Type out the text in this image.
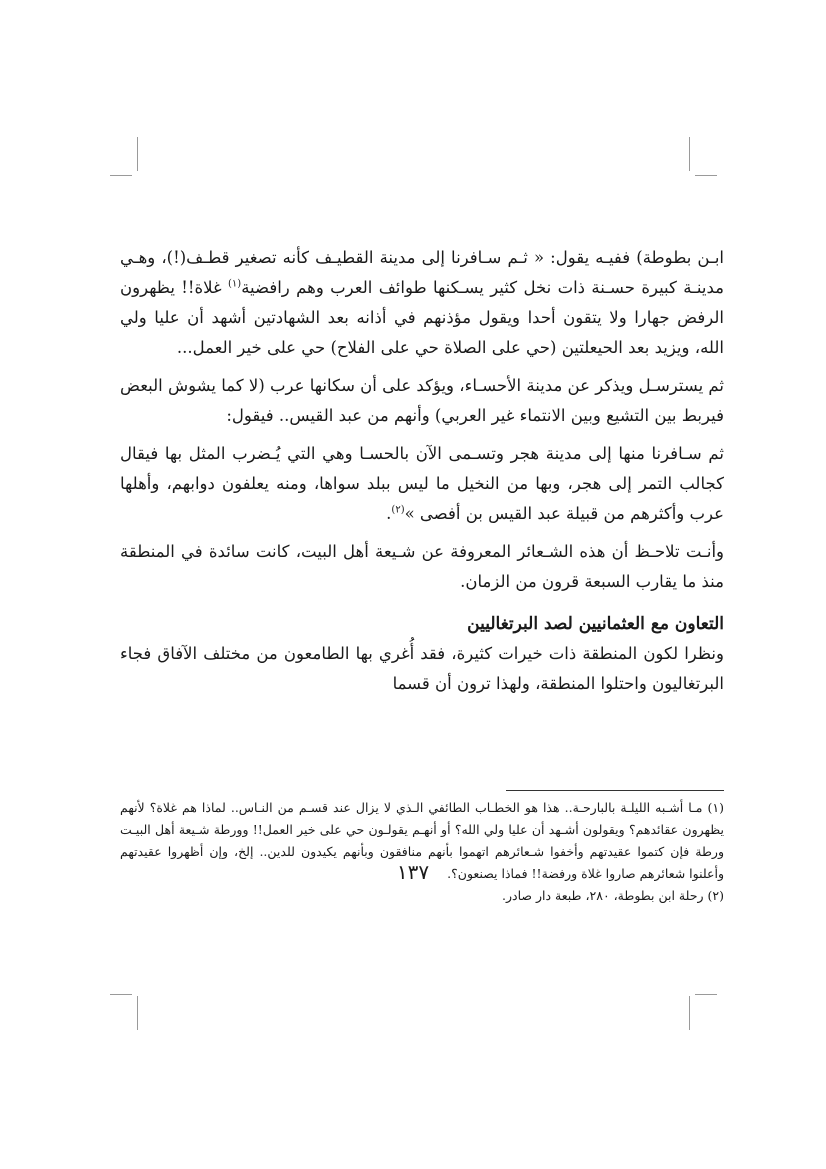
ابـن بطوطة) ففيـه يقول: « ثـم سـافرنا إلى مدينة القطيـف كأنه تصغير قطـف(!)، وهـي مدينـة كبيرة حسـنة ذات نخل كثير يسـكنها طوائف العرب وهم رافضية$^{(١)}$ غلاة!! يظهرون الرفض جهارا ولا يتقون أحدا ويقول مؤذنهم في أذانه بعد الشهادتين أشهد أن عليا ولي الله، ويزيد بعد الحيعلتين (حي على الصلاة حي على الفلاح) حي على خير العمل...

ثم يسترسـل ويذكر عن مدينة الأحسـاء، ويؤكد على أن سكانها عرب (لا كما يشوش البعض فيربط بين التشيع وبين الانتماء غير العربي) وأنهم من عبد القيس.. فيقول:

ثم سـافرنا منها إلى مدينة هجر وتسـمى الآن بالحسـا وهي التي يُـضرب المثل بها فيقال كجالب التمر إلى هجر، وبها من النخيل ما ليس ببلد سواها، ومنه يعلفون دوابهم، وأهلها عرب وأكثرهم من قبيلة عبد القيس بن أفصى »$^{(٢)}$.

وأنـت تلاحـظ أن هذه الشـعائر المعروفة عن شـيعة أهل البيت، كانت سائدة في المنطقة منذ ما يقارب السبعة قرون من الزمان.

التعاون مع العثمانيين لصد البرتغاليين

ونظرا لكون المنطقة ذات خيرات كثيرة، فقد أُغري بها الطامعون من مختلف الآفاق فجاء البرتغاليون واحتلوا المنطقة، ولهذا ترون أن قسما

(١) مـا أشـبه الليلـة بالبارحـة.. هذا هو الخطـاب الطائفي الـذي لا يزال عند قسـم من النـاس.. لماذا هم غلاة؟ لأنهم يظهرون عقائدهم؟ ويقولون أشـهد أن عليا ولي الله؟ أو أنهـم يقولـون حي على خير العمل!! وورطة شـيعة أهل البيـت ورطة فإن كتموا عقيدتهم وأخفوا شـعائرهم اتهموا بأنهم منافقون وبأنهم يكيدون للدين.. إلخ، وإن أظهروا عقيدتهم وأعلنوا شعائرهم صاروا غلاة ورفضة!! فماذا يصنعون؟.

(٢) رحلة ابن بطوطة، ٢٨٠، طبعة دار صادر.

١٣٧
